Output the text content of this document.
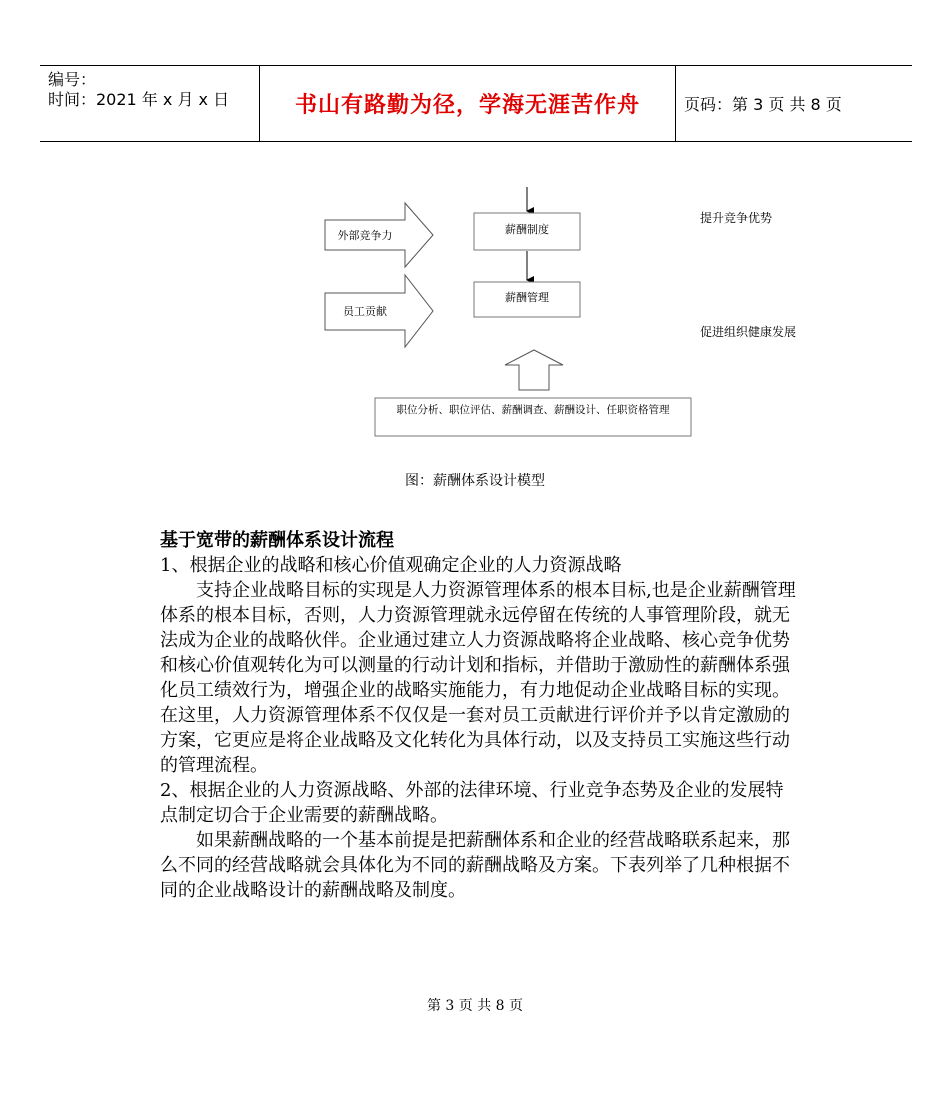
编号：
时间：2021 年 x 月 x 日	书山有路勤为径，学海无涯苦作舟	页码：第 3 页 共 8 页
外部竞争力
员工贡献
薪酬制度
薪酬管理
提升竞争优势
促进组织健康发展
职位分析、职位评估、薪酬调查、薪酬设计、任职资格管理
图：薪酬体系设计模型

基于宽带的薪酬体系设计流程

1、根据企业的战略和核心价值观确定企业的人力资源战略

支持企业战略目标的实现是人力资源管理体系的根本目标,也是企业薪酬管理体系的根本目标，否则，人力资源管理就永远停留在传统的人事管理阶段，就无法成为企业的战略伙伴。企业通过建立人力资源战略将企业战略、核心竞争优势和核心价值观转化为可以测量的行动计划和指标，并借助于激励性的薪酬体系强化员工绩效行为，增强企业的战略实施能力，有力地促动企业战略目标的实现。在这里，人力资源管理体系不仅仅是一套对员工贡献进行评价并予以肯定激励的方案，它更应是将企业战略及文化转化为具体行动，以及支持员工实施这些行动的管理流程。

2、根据企业的人力资源战略、外部的法律环境、行业竞争态势及企业的发展特点制定切合于企业需要的薪酬战略。

如果薪酬战略的一个基本前提是把薪酬体系和企业的经营战略联系起来，那么不同的经营战略就会具体化为不同的薪酬战略及方案。下表列举了几种根据不同的企业战略设计的薪酬战略及制度。

第 3 页 共 8 页
